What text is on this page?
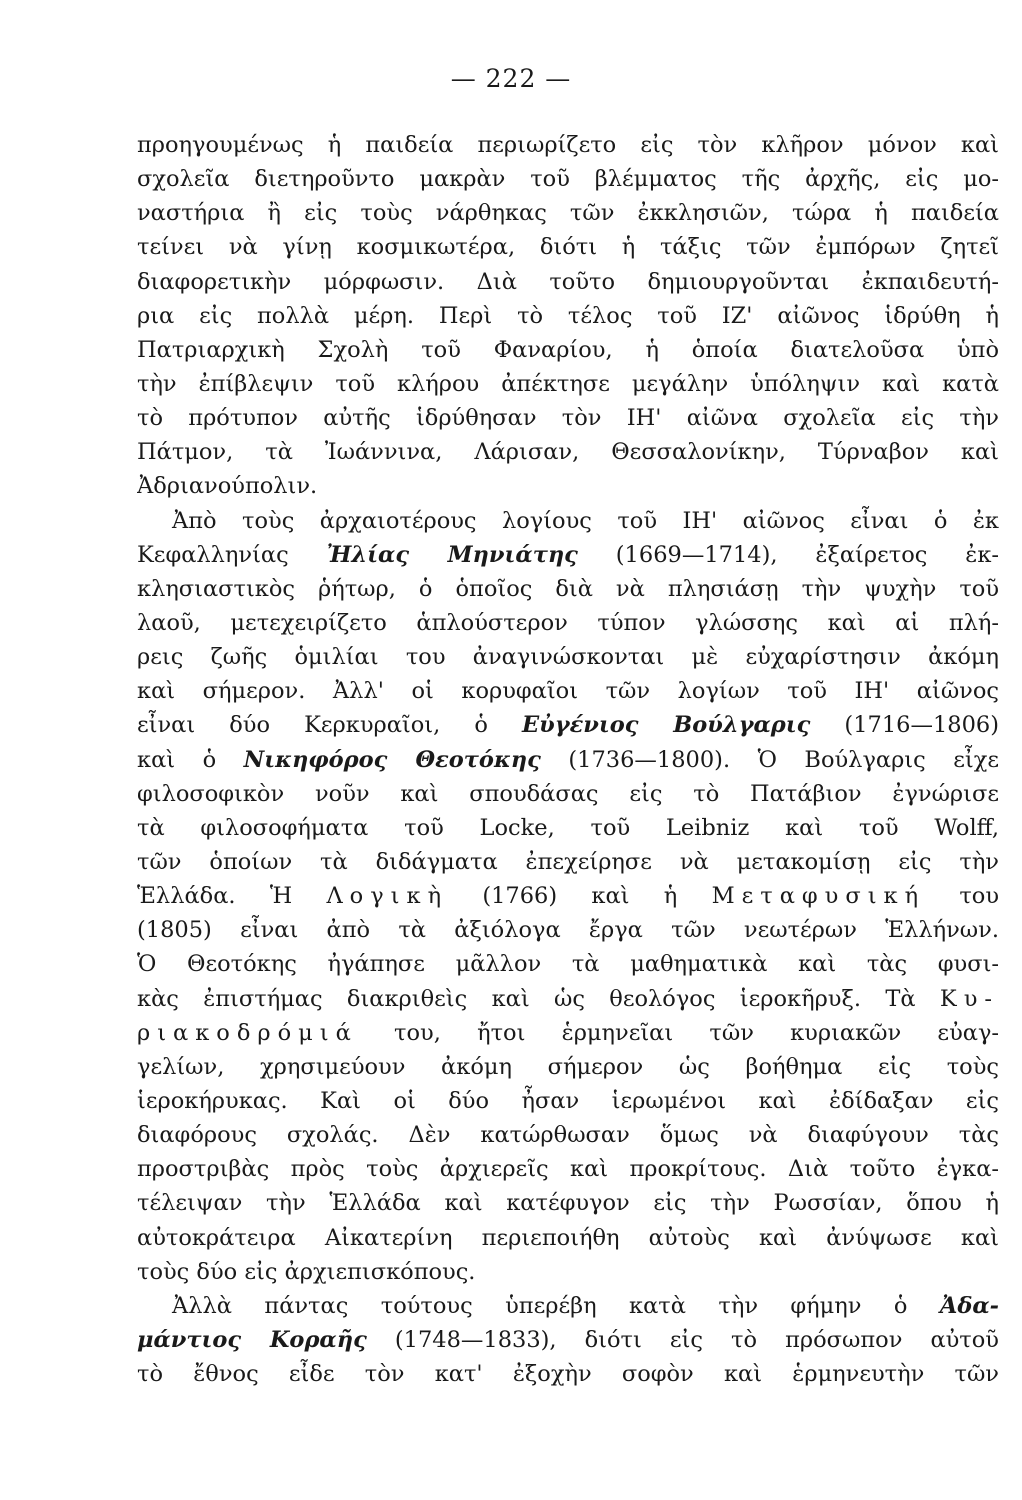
— 222 —
προηγουμένως ἡ παιδεία περιωρίζετο εἰς τὸν κλῆρον μόνον καὶ
σχολεῖα διετηροῦντο μακρὰν τοῦ βλέμματος τῆς ἀρχῆς, εἰς μο-
ναστήρια ἢ εἰς τοὺς νάρθηκας τῶν ἐκκλησιῶν, τώρα ἡ παιδεία
τείνει νὰ γίνῃ κοσμικωτέρα, διότι ἡ τάξις τῶν ἐμπόρων ζητεῖ
διαφορετικὴν μόρφωσιν. Διὰ τοῦτο δημιουργοῦνται ἐκπαιδευτή-
ρια εἰς πολλὰ μέρη. Περὶ τὸ τέλος τοῦ ΙΖ' αἰῶνος ἱδρύθη ἡ
Πατριαρχικὴ Σχολὴ τοῦ Φαναρίου, ἡ ὁποία διατελοῦσα ὑπὸ
τὴν ἐπίβλεψιν τοῦ κλήρου ἀπέκτησε μεγάλην ὑπόληψιν καὶ κατὰ
τὸ πρότυπον αὐτῆς ἱδρύθησαν τὸν ΙΗ' αἰῶνα σχολεῖα εἰς τὴν
Πάτμον, τὰ Ἰωάννινα, Λάρισαν, Θεσσαλονίκην, Τύρναβον καὶ
Ἀδριανούπολιν.
Ἀπὸ τοὺς ἀρχαιοτέρους λογίους τοῦ ΙΗ' αἰῶνος εἶναι ὁ ἐκ
Κεφαλληνίας Ἠλίας Μηνιάτης (1669—1714), ἐξαίρετος ἐκ-
κλησιαστικὸς ῥήτωρ, ὁ ὁποῖος διὰ νὰ πλησιάσῃ τὴν ψυχὴν τοῦ
λαοῦ, μετεχειρίζετο ἁπλούστερον τύπον γλώσσης καὶ αἱ πλή-
ρεις ζωῆς ὁμιλίαι του ἀναγινώσκονται μὲ εὐχαρίστησιν ἀκόμη
καὶ σήμερον. Ἀλλ' οἱ κορυφαῖοι τῶν λογίων τοῦ ΙΗ' αἰῶνος
εἶναι δύο Κερκυραῖοι, ὁ Εὐγένιος Βούλγαρις (1716—1806)
καὶ ὁ Νικηφόρος Θεοτόκης (1736—1800). Ὁ Βούλγαρις εἶχε
φιλοσοφικὸν νοῦν καὶ σπουδάσας εἰς τὸ Πατάβιον ἐγνώρισε
τὰ φιλοσοφήματα τοῦ Locke, τοῦ Leibniz καὶ τοῦ Wolff,
τῶν ὁποίων τὰ διδάγματα ἐπεχείρησε νὰ μετακομίσῃ εἰς τὴν
Ἑλλάδα. Ἡ Λογικὴ (1766) καὶ ἡ Μεταφυσική του
(1805) εἶναι ἀπὸ τὰ ἀξιόλογα ἔργα τῶν νεωτέρων Ἑλλήνων.
Ὁ Θεοτόκης ἠγάπησε μᾶλλον τὰ μαθηματικὰ καὶ τὰς φυσι-
κὰς ἐπιστήμας διακριθεὶς καὶ ὡς θεολόγος ἱεροκῆρυξ. Τὰ Κυ-
ριακοδρόμιά του, ἤτοι ἑρμηνεῖαι τῶν κυριακῶν εὐαγ-
γελίων, χρησιμεύουν ἀκόμη σήμερον ὡς βοήθημα εἰς τοὺς
ἱεροκήρυκας. Καὶ οἱ δύο ἦσαν ἱερωμένοι καὶ ἐδίδαξαν εἰς
διαφόρους σχολάς. Δὲν κατώρθωσαν ὅμως νὰ διαφύγουν τὰς
προστριβὰς πρὸς τοὺς ἀρχιερεῖς καὶ προκρίτους. Διὰ τοῦτο ἐγκα-
τέλειψαν τὴν Ἑλλάδα καὶ κατέφυγον εἰς τὴν Ρωσσίαν, ὅπου ἡ
αὐτοκράτειρα Αἰκατερίνη περιεποιήθη αὐτοὺς καὶ ἀνύψωσε καὶ
τοὺς δύο εἰς ἀρχιεπισκόπους.
Ἀλλὰ πάντας τούτους ὑπερέβη κατὰ τὴν φήμην ὁ Ἀδα-
μάντιος Κοραῆς (1748—1833), διότι εἰς τὸ πρόσωπον αὐτοῦ
τὸ ἔθνος εἶδε τὸν κατ' ἐξοχὴν σοφὸν καὶ ἑρμηνευτὴν τῶν
